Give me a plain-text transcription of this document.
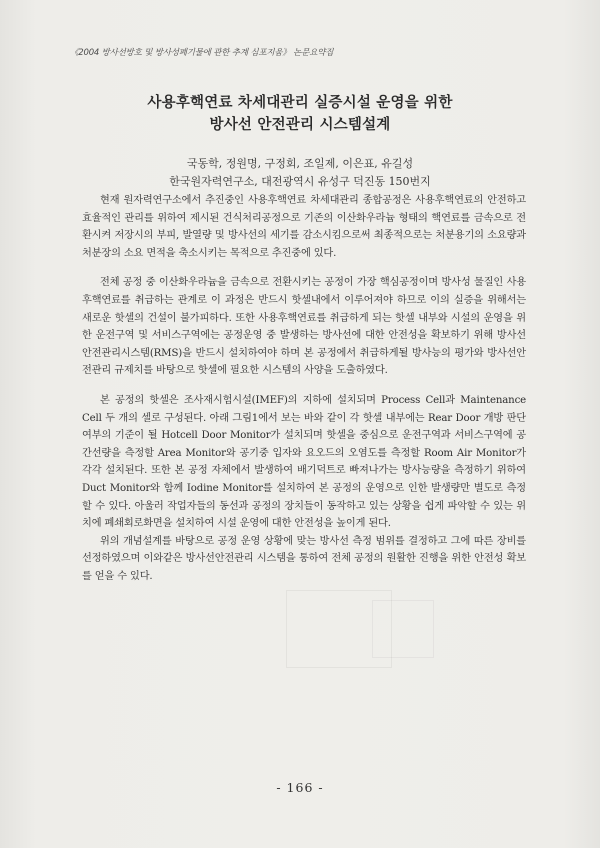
《2004 방사선방호 및 방사성폐기물에 관한 추계 심포지움》 논문요약집
사용후핵연료 차세대관리 실증시설 운영을 위한
방사선 안전관리 시스템설계
국동학, 정원명, 구정회, 조일제, 이은표, 유길성
한국원자력연구소, 대전광역시 유성구 덕진동 150번지

현재 원자력연구소에서 추진중인 사용후핵연료 차세대관리 종합공정은 사용후핵연료의 안전하고 효율적인 관리를 위하여 제시된 건식처리공정으로 기존의 이산화우라늄 형태의 핵연료를 금속으로 전환시켜 저장시의 부피, 발열량 및 방사선의 세기를 감소시킴으로써 최종적으로는 처분용기의 소요량과 처분장의 소요 면적을 축소시키는 목적으로 추진중에 있다.

전체 공정 중 이산화우라늄을 금속으로 전환시키는 공정이 가장 핵심공정이며 방사성 물질인 사용후핵연료를 취급하는 관계로 이 과정은 반드시 핫셀내에서 이루어져야 하므로 이의 실증을 위해서는 새로운 핫셀의 건설이 불가피하다. 또한 사용후핵연료를 취급하게 되는 핫셀 내부와 시설의 운영을 위한 운전구역 및 서비스구역에는 공정운영 중 발생하는 방사선에 대한 안전성을 확보하기 위해 방사선안전관리시스템(RMS)을 반드시 설치하여야 하며 본 공정에서 취급하게될 방사능의 평가와 방사선안전관리 규제치를 바탕으로 핫셀에 필요한 시스템의 사양을 도출하였다.

본 공정의 핫셀은 조사재시험시설(IMEF)의 지하에 설치되며 Process Cell과 Maintenance Cell 두 개의 셀로 구성된다. 아래 그림1에서 보는 바와 같이 각 핫셀 내부에는 Rear Door 개방 판단여부의 기준이 될 Hotcell Door Monitor가 설치되며 핫셀을 중심으로 운전구역과 서비스구역에 공간선량을 측정할 Area Monitor와 공기중 입자와 요오드의 오염도를 측정할 Room Air Monitor가 각각 설치된다. 또한 본 공정 자체에서 발생하여 배기덕트로 빠져나가는 방사능량을 측정하기 위하여 Duct Monitor와 함께 Iodine Monitor를 설치하여 본 공정의 운영으로 인한 발생량만 별도로 측정할 수 있다. 아울러 작업자들의 동선과 공정의 장치들이 동작하고 있는 상황을 쉽게 파악할 수 있는 위치에 폐쇄회로화면을 설치하여 시설 운영에 대한 안전성을 높이게 된다.

위의 개념설계를 바탕으로 공정 운영 상황에 맞는 방사선 측정 범위를 결정하고 그에 따른 장비를 선정하였으며 이와같은 방사선안전관리 시스템을 통하여 전체 공정의 원활한 진행을 위한 안전성 확보를 얻을 수 있다.

- 166 -
